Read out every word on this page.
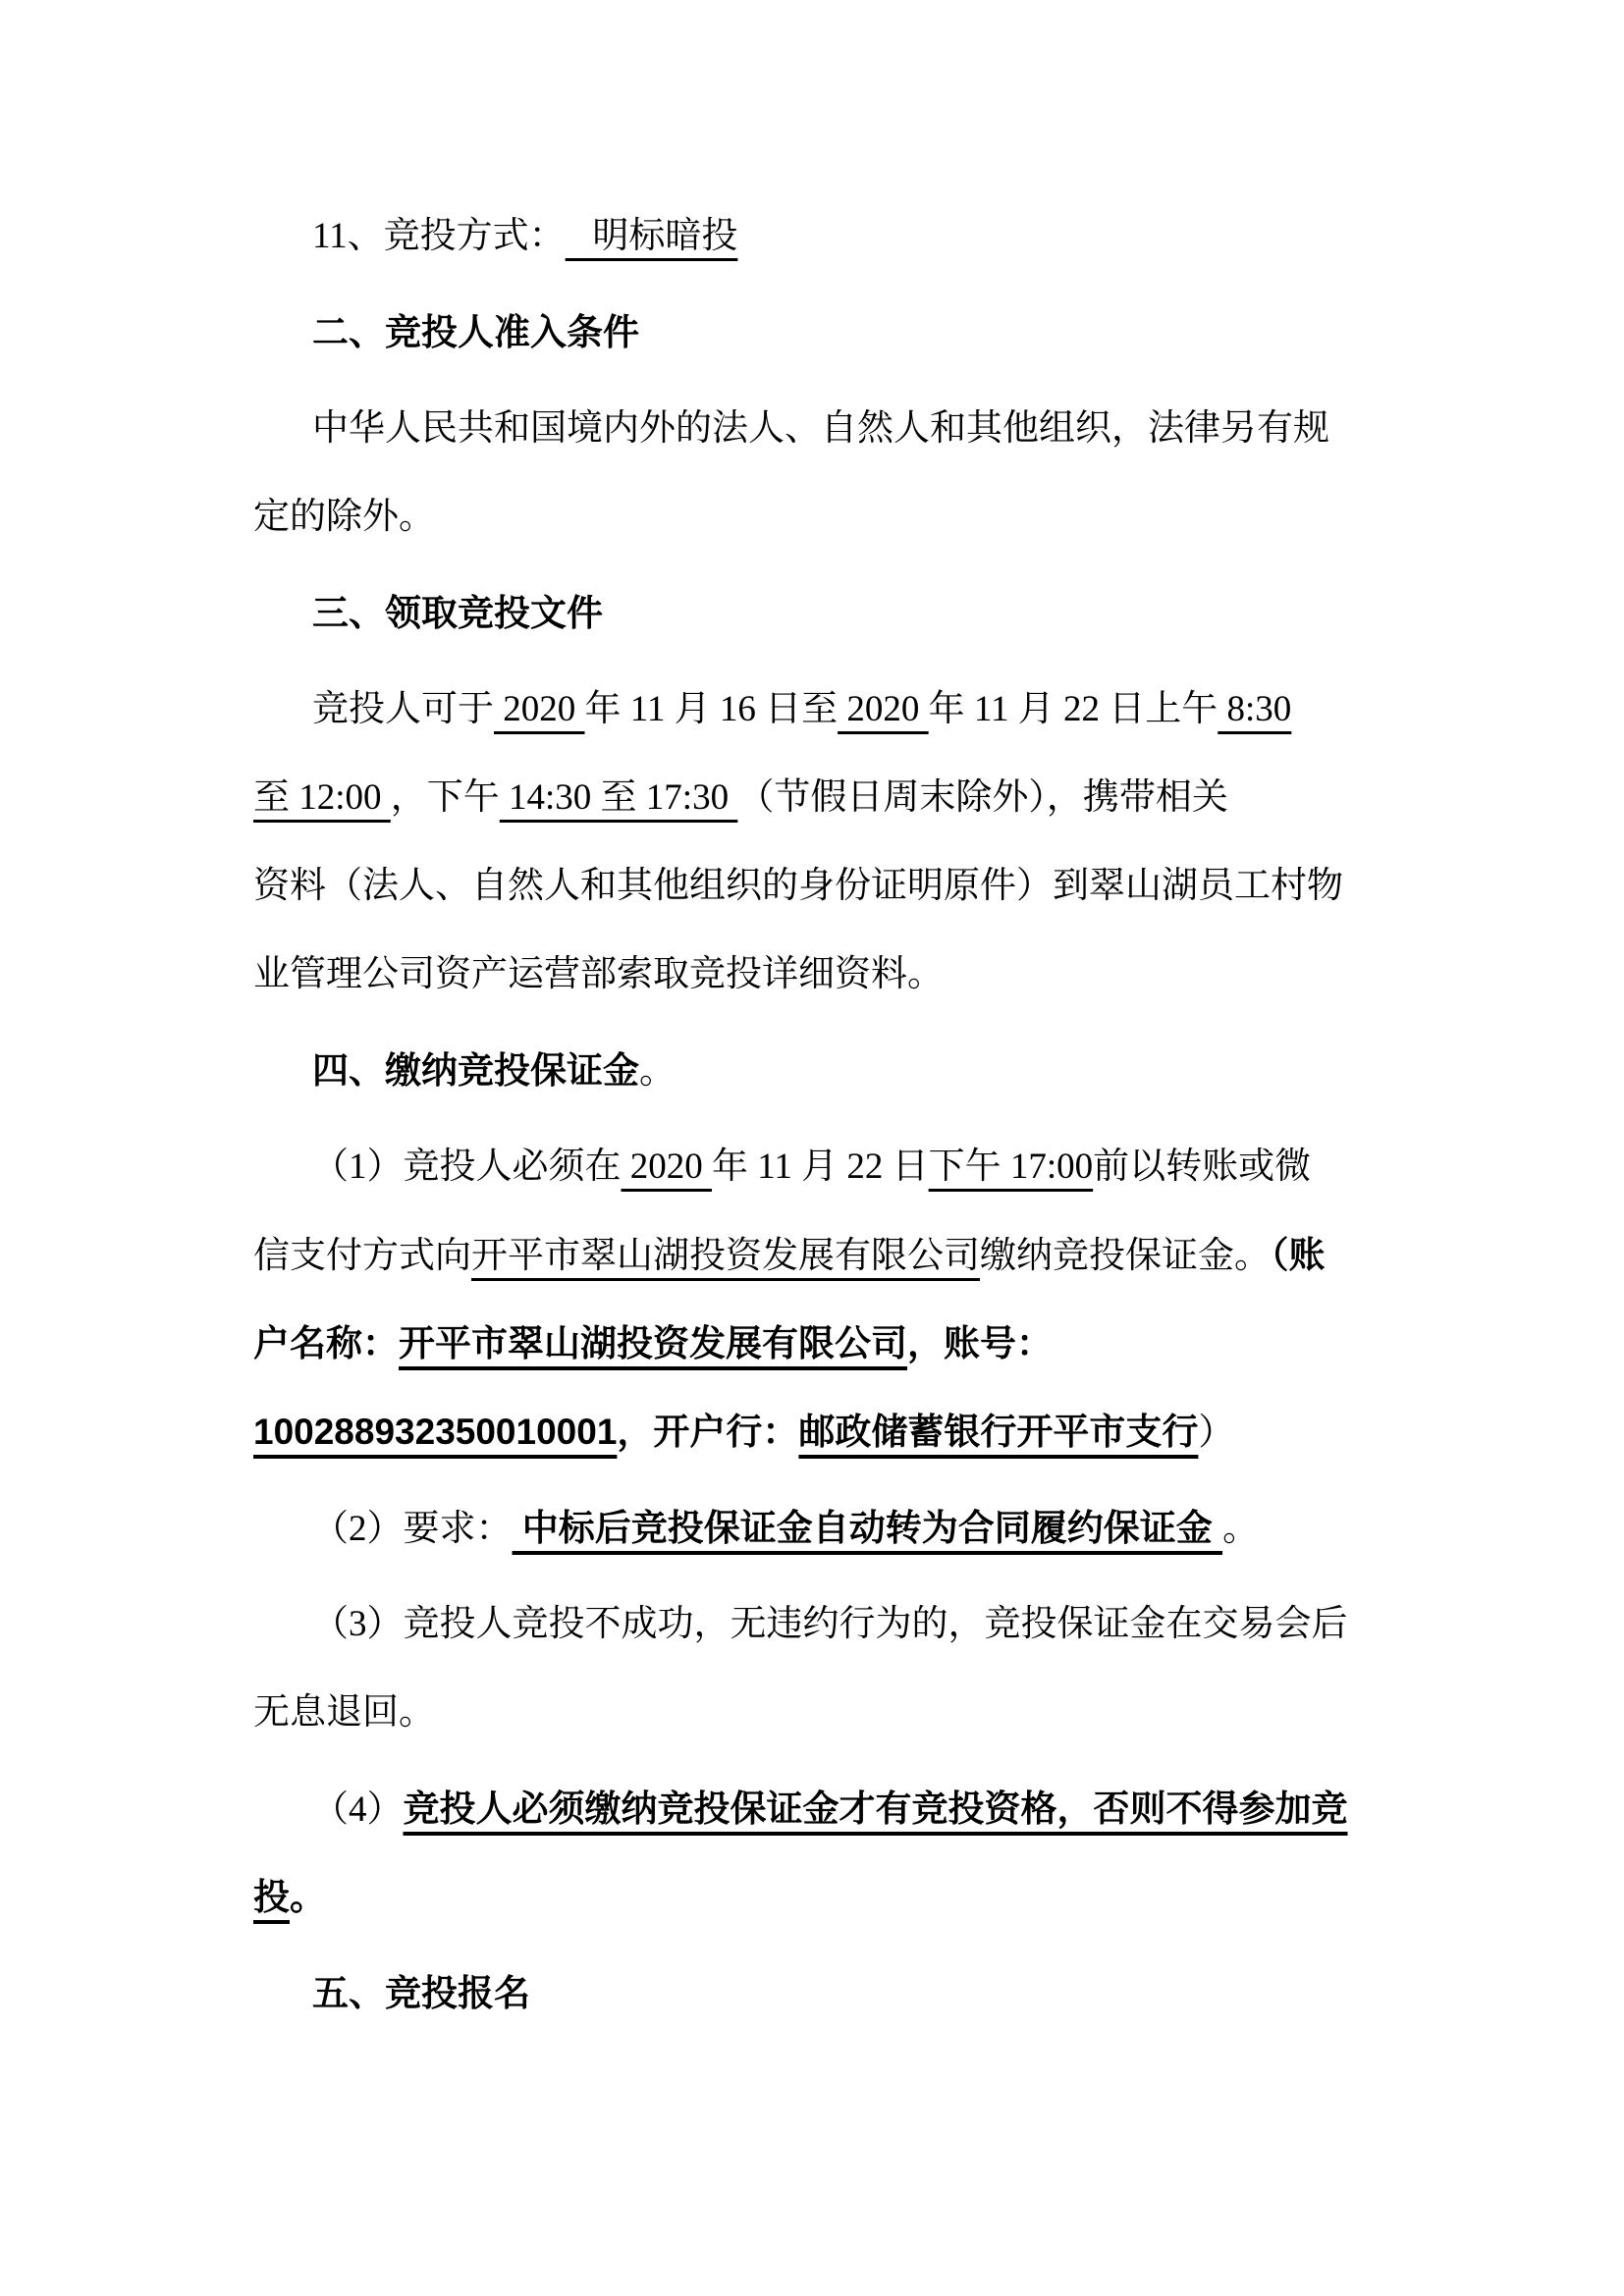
11、竞投方式：   明标暗投
二、竞投人准入条件
中华人民共和国境内外的法人、自然人和其他组织，法律另有规
定的除外。
三、领取竞投文件
竞投人可于 2020 年 11 月 16 日至 2020 年 11 月 22 日上午 8:30
至 12:00 ，下午 14:30 至 17:30 （节假日周末除外），携带相关
资料（法人、自然人和其他组织的身份证明原件）到翠山湖员工村物
业管理公司资产运营部索取竞投详细资料。
四、缴纳竞投保证金。
（1）竞投人必须在 2020 年 11 月 22 日下午 17:00前以转账或微
信支付方式向开平市翠山湖投资发展有限公司缴纳竞投保证金。（账
户名称：开平市翠山湖投资发展有限公司，账号：
100288932350010001，开户行：邮政储蓄银行开平市支行）
（2）要求： 中标后竞投保证金自动转为合同履约保证金 。
（3）竞投人竞投不成功，无违约行为的，竞投保证金在交易会后
无息退回。
（4）竞投人必须缴纳竞投保证金才有竞投资格，否则不得参加竞
投。
五、竞投报名
